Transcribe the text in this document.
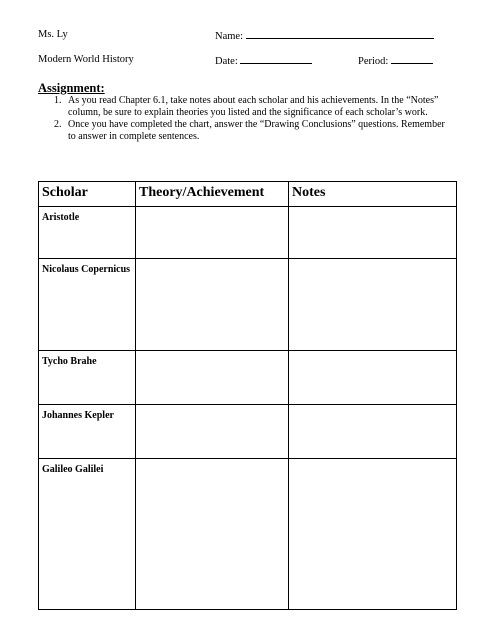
Ms. Ly	Name:
Modern World History	Date:	Period:
Assignment:

1. As you read Chapter 6.1, take notes about each scholar and his achievements. In the “Notes” column, be sure to explain theories you listed and the significance of each scholar’s work.

2. Once you have completed the chart, answer the “Drawing Conclusions” questions. Remember to answer in complete sentences.

Scholar	Theory/Achievement	Notes
Aristotle		
Nicolaus Copernicus		
Tycho Brahe		
Johannes Kepler		
Galileo Galilei		
